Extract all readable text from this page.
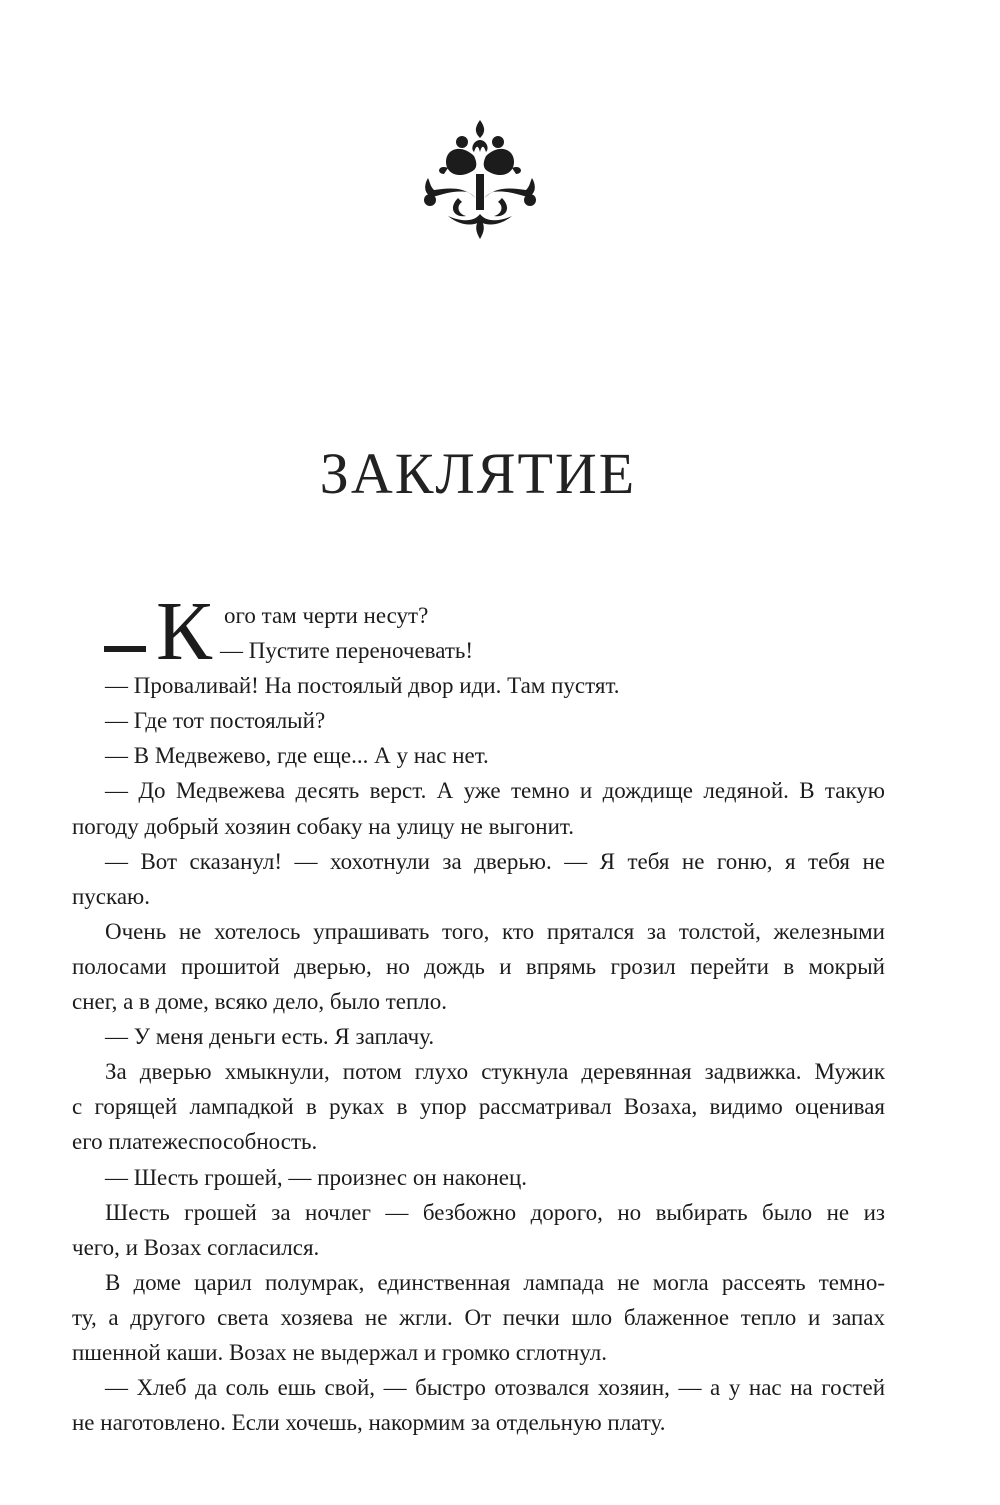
ЗАКЛЯТИЕ
К ого там черти несут?
— Пустите переночевать!
— Проваливай! На постоялый двор иди. Там пустят.
— Где тот постоялый?
— В Медвежево, где еще... А у нас нет.
— До Медвежева десять верст. А уже темно и дождище ледяной. В такую
погоду добрый хозяин собаку на улицу не выгонит.
— Вот сказанул! — хохотнули за дверью. — Я тебя не гоню, я тебя не
пускаю.
Очень не хотелось упрашивать того, кто прятался за толстой, железными
полосами прошитой дверью, но дождь и впрямь грозил перейти в мокрый
снег, а в доме, всяко дело, было тепло.
— У меня деньги есть. Я заплачу.
За дверью хмыкнули, потом глухо стукнула деревянная задвижка. Мужик
с горящей лампадкой в руках в упор рассматривал Возаха, видимо оценивая
его платежеспособность.
— Шесть грошей, — произнес он наконец.
Шесть грошей за ночлег — безбожно дорого, но выбирать было не из
чего, и Возах согласился.
В доме царил полумрак, единственная лампада не могла рассеять темно-
ту, а другого света хозяева не жгли. От печки шло блаженное тепло и запах
пшенной каши. Возах не выдержал и громко сглотнул.
— Хлеб да соль ешь свой, — быстро отозвался хозяин, — а у нас на гостей
не наготовлено. Если хочешь, накормим за отдельную плату.
